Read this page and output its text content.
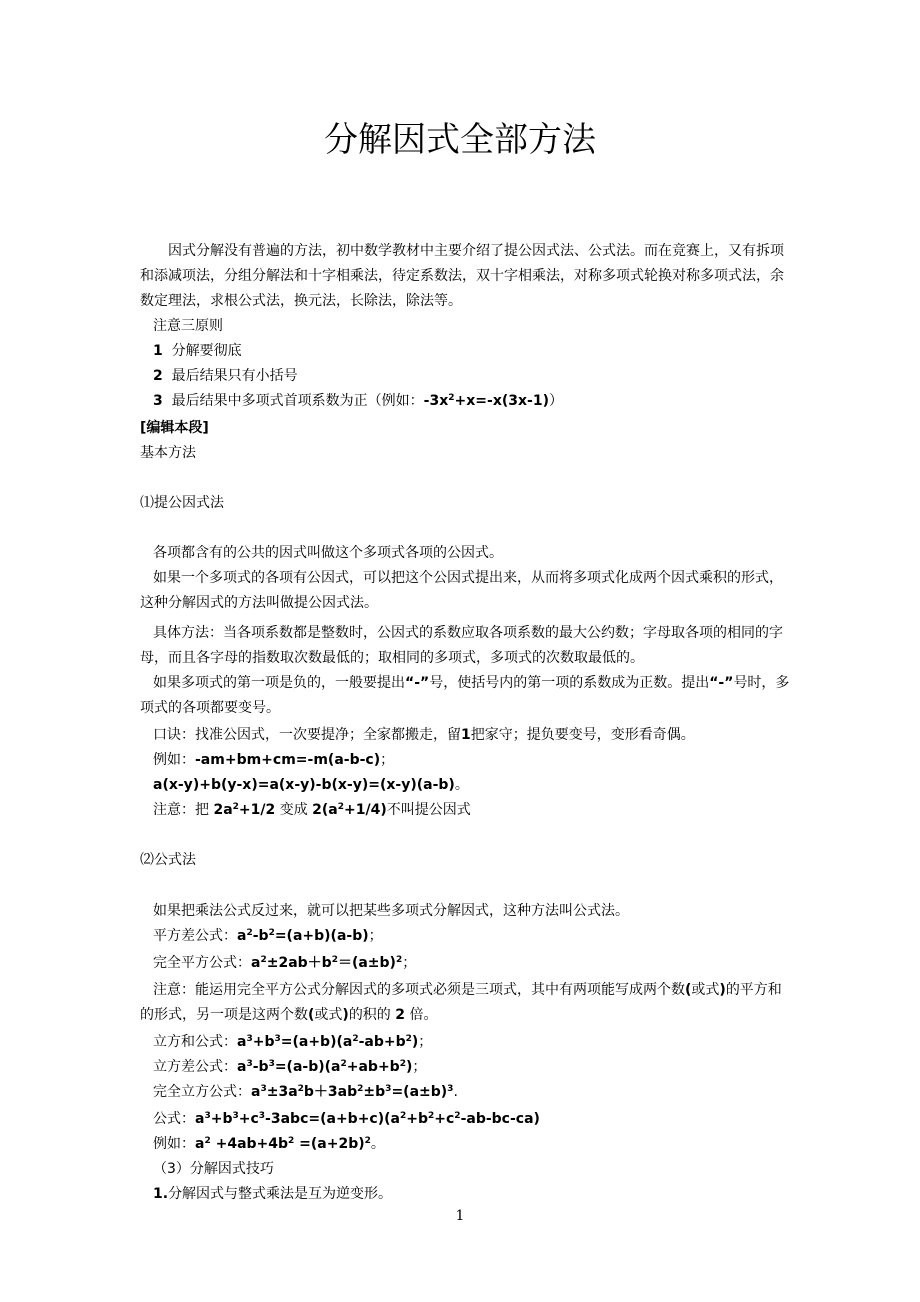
分解因式全部方法
因式分解没有普遍的方法，初中数学教材中主要介绍了提公因式法、公式法。而在竞赛上，又有拆项
和添减项法，分组分解法和十字相乘法，待定系数法，双十字相乘法，对称多项式轮换对称多项式法，余
数定理法，求根公式法，换元法，长除法，除法等。
注意三原则
1 分解要彻底
2 最后结果只有小括号
3 最后结果中多项式首项系数为正（例如：$-3x^2+x=-x(3x-1)$）
[编辑本段]
基本方法
⑴提公因式法
各项都含有的公共的因式叫做这个多项式各项的公因式。
如果一个多项式的各项有公因式，可以把这个公因式提出来，从而将多项式化成两个因式乘积的形式，
这种分解因式的方法叫做提公因式法。
具体方法：当各项系数都是整数时，公因式的系数应取各项系数的最大公约数；字母取各项的相同的字
母，而且各字母的指数取次数最低的；取相同的多项式，多项式的次数取最低的。
如果多项式的第一项是负的，一般要提出“-”号，使括号内的第一项的系数成为正数。提出“-”号时，多
项式的各项都要变号。
口诀：找准公因式，一次要提净；全家都搬走，留1把家守；提负要变号，变形看奇偶。
例如：-am+bm+cm=-m(a-b-c)；
a(x-y)+b(y-x)=a(x-y)-b(x-y)=(x-y)(a-b)。
注意：把 $2a^2+1/2$ 变成 $2(a^2+1/4)$不叫提公因式
⑵公式法
如果把乘法公式反过来，就可以把某些多项式分解因式，这种方法叫公式法。
平方差公式：$a^2-b^2=(a+b)(a-b)$；
完全平方公式：$a^2\pm 2ab+b^2=(a\pm b)^2$；
注意：能运用完全平方公式分解因式的多项式必须是三项式，其中有两项能写成两个数(或式)的平方和
的形式，另一项是这两个数(或式)的积的 2 倍。
立方和公式：$a^3+b^3=(a+b)(a^2-ab+b^2)$；
立方差公式：$a^3-b^3=(a-b)(a^2+ab+b^2)$；
完全立方公式：$a^3\pm 3a^2b+3ab^2\pm b^3=(a\pm b)^3$.
公式：$a^3+b^3+c^3-3abc=(a+b+c)(a^2+b^2+c^2-ab-bc-ca)$
例如：$a^2 +4ab+4b^2 =(a+2b)^2$。
（3）分解因式技巧
1.分解因式与整式乘法是互为逆变形。
1
